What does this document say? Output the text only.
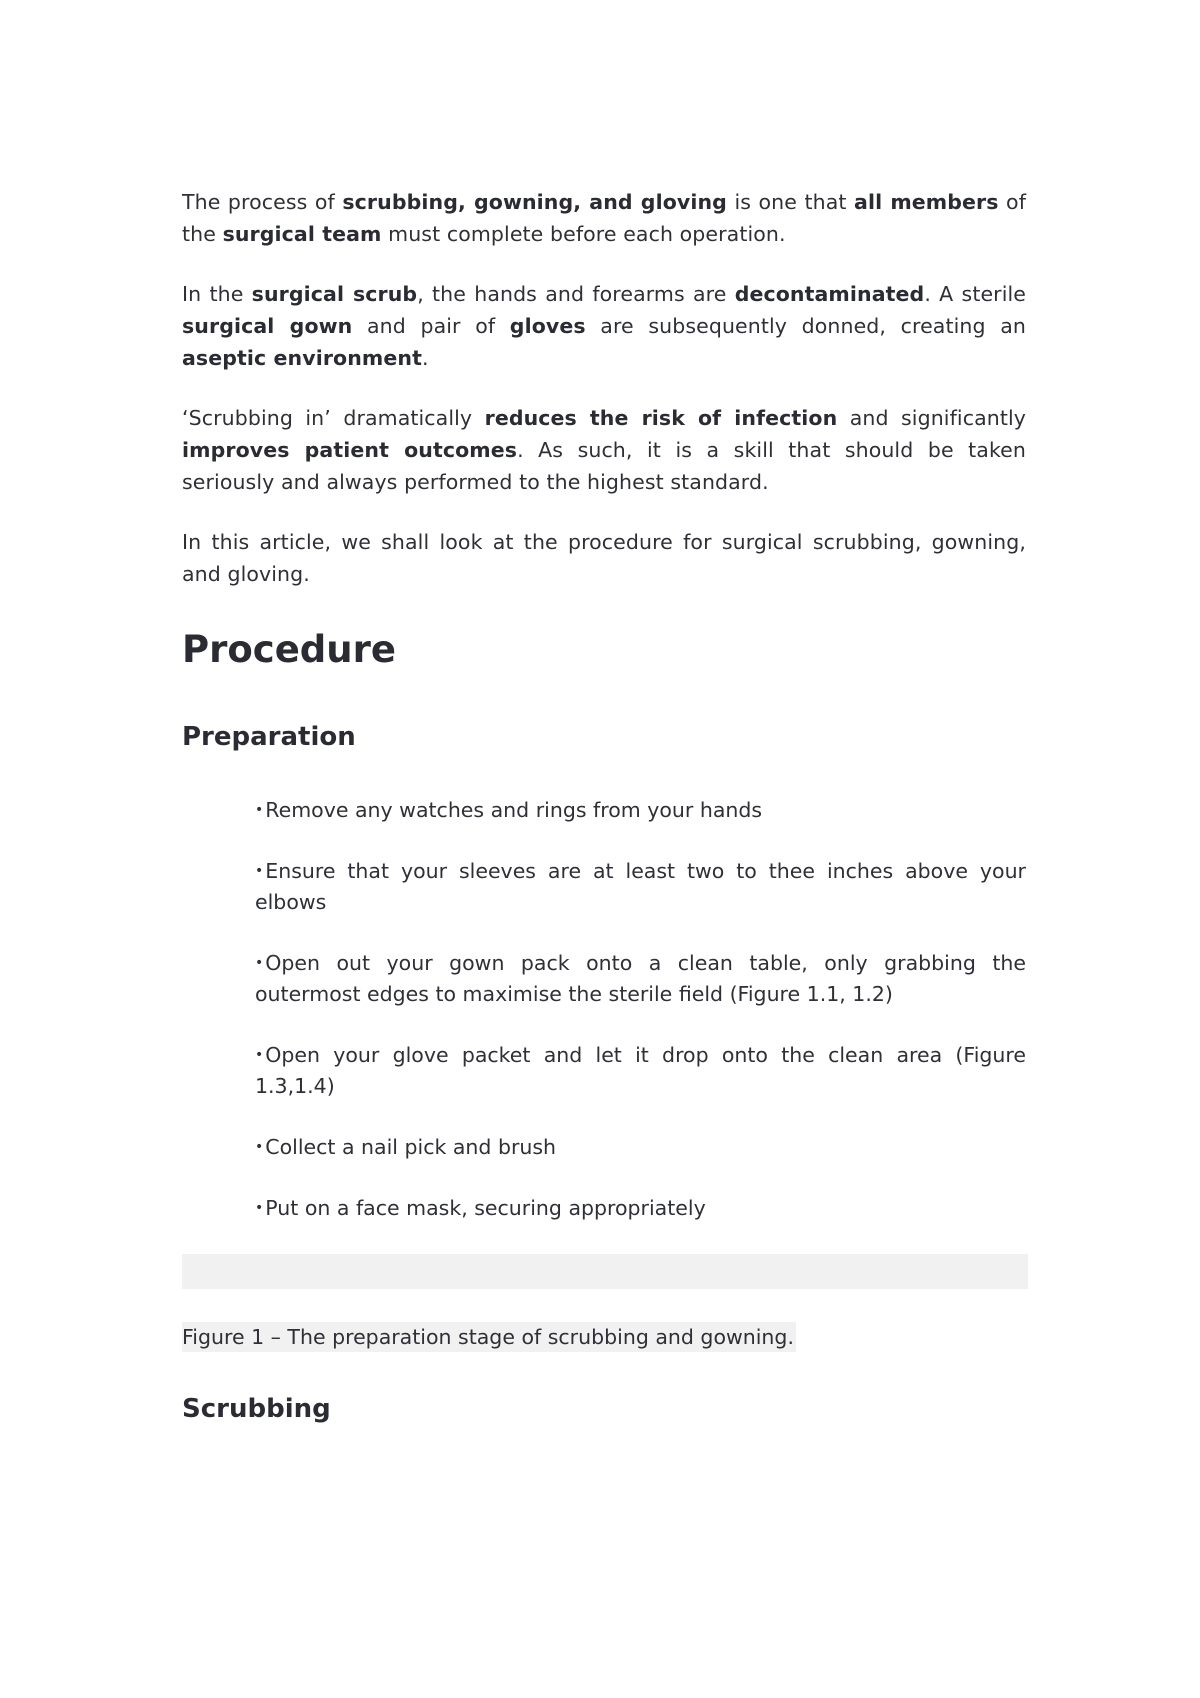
The process of scrubbing, gowning, and gloving is one that all members of the surgical team must complete before each operation.

In the surgical scrub, the hands and forearms are decontaminated. A sterile surgical gown and pair of gloves are subsequently donned, creating an aseptic environment.

‘Scrubbing in’ dramatically reduces the risk of infection and significantly improves patient outcomes. As such, it is a skill that should be taken seriously and always performed to the highest standard.

In this article, we shall look at the procedure for surgical scrubbing, gowning, and gloving.

Procedure
Preparation
•Remove any watches and rings from your hands
•Ensure that your sleeves are at least two to thee inches above your elbows
•Open out your gown pack onto a clean table, only grabbing the outermost edges to maximise the sterile field (Figure 1.1, 1.2)
•Open your glove packet and let it drop onto the clean area (Figure 1.3,1.4)
•Collect a nail pick and brush
•Put on a face mask, securing appropriately
Figure 1 – The preparation stage of scrubbing and gowning.
Scrubbing
